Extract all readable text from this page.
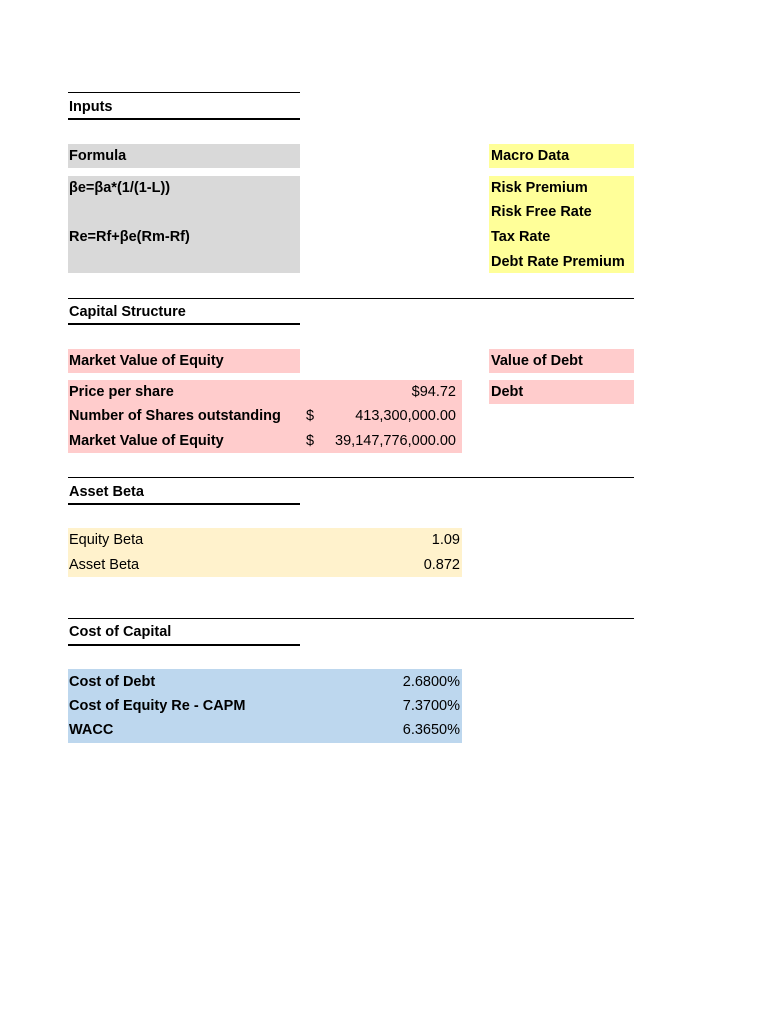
Inputs
Formula
βe=βa*(1/(1-L))
Re=Rf+βe(Rm-Rf)
Macro Data
Risk Premium
Risk Free Rate
Tax Rate
Debt Rate Premium
Capital Structure
Market Value of Equity
Price per share	$94.72
Number of Shares outstanding $	413,300,000.00
Market Value of Equity	$	39,147,776,000.00
Value of Debt
Debt
Asset Beta
Equity Beta	1.09
Asset Beta	0.872
Cost of Capital
Cost of Debt	2.6800%
Cost of Equity Re - CAPM	7.3700%
WACC	6.3650%
